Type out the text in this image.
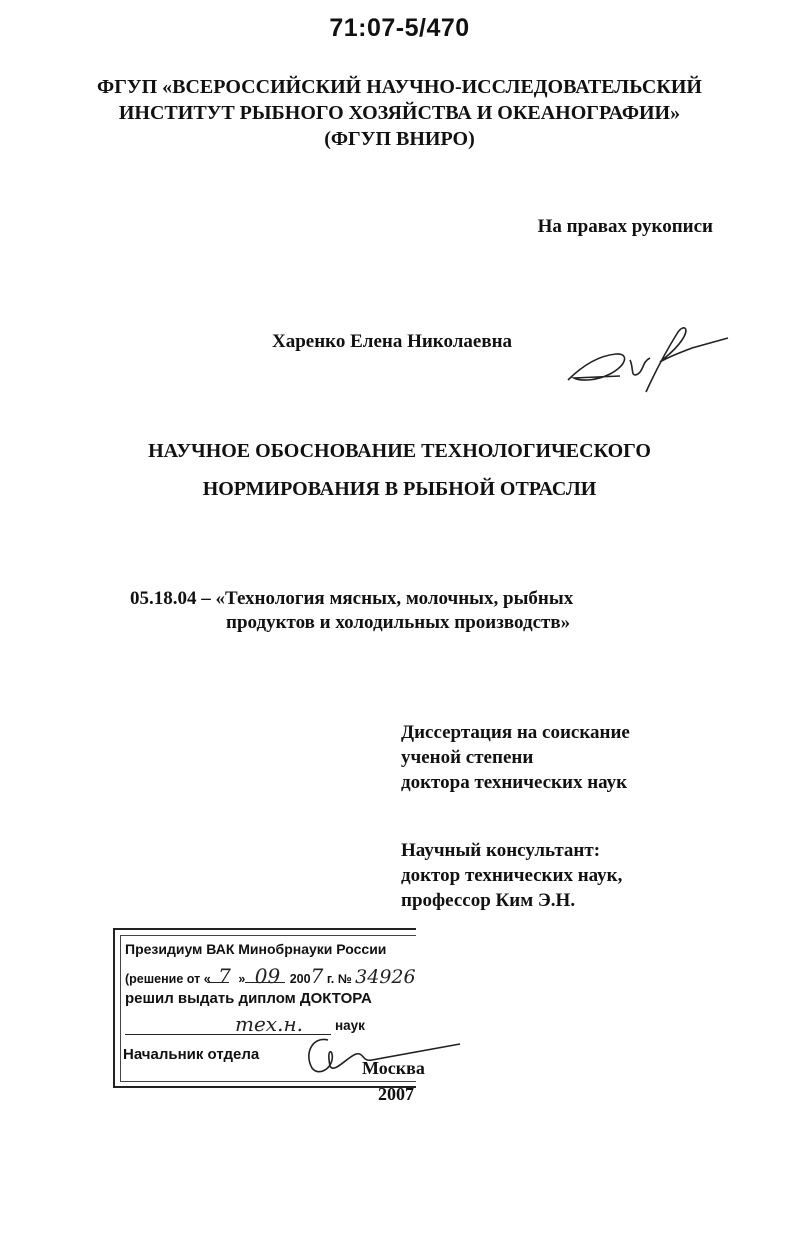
71:07-5/470
ФГУП «ВСЕРОССИЙСКИЙ НАУЧНО-ИССЛЕДОВАТЕЛЬСКИЙ
ИНСТИТУТ РЫБНОГО ХОЗЯЙСТВА И ОКЕАНОГРАФИИ»
(ФГУП ВНИРО)
На правах рукописи
Харенко Елена Николаевна
НАУЧНОЕ ОБОСНОВАНИЕ ТЕХНОЛОГИЧЕСКОГО
НОРМИРОВАНИЯ В РЫБНОЙ ОТРАСЛИ
05.18.04 – «Технология мясных, молочных, рыбных
продуктов и холодильных производств»
Диссертация на соискание
ученой степени
доктора технических наук
Научный консультант:
доктор технических наук,
профессор Ким Э.Н.
Президиум ВАК Минобрнауки России
(решение от « 7 » 09 2007 г. № 34926
решил выдать диплом ДОКТОРА
тех.н. наук
Начальник отдела
Москва
2007
